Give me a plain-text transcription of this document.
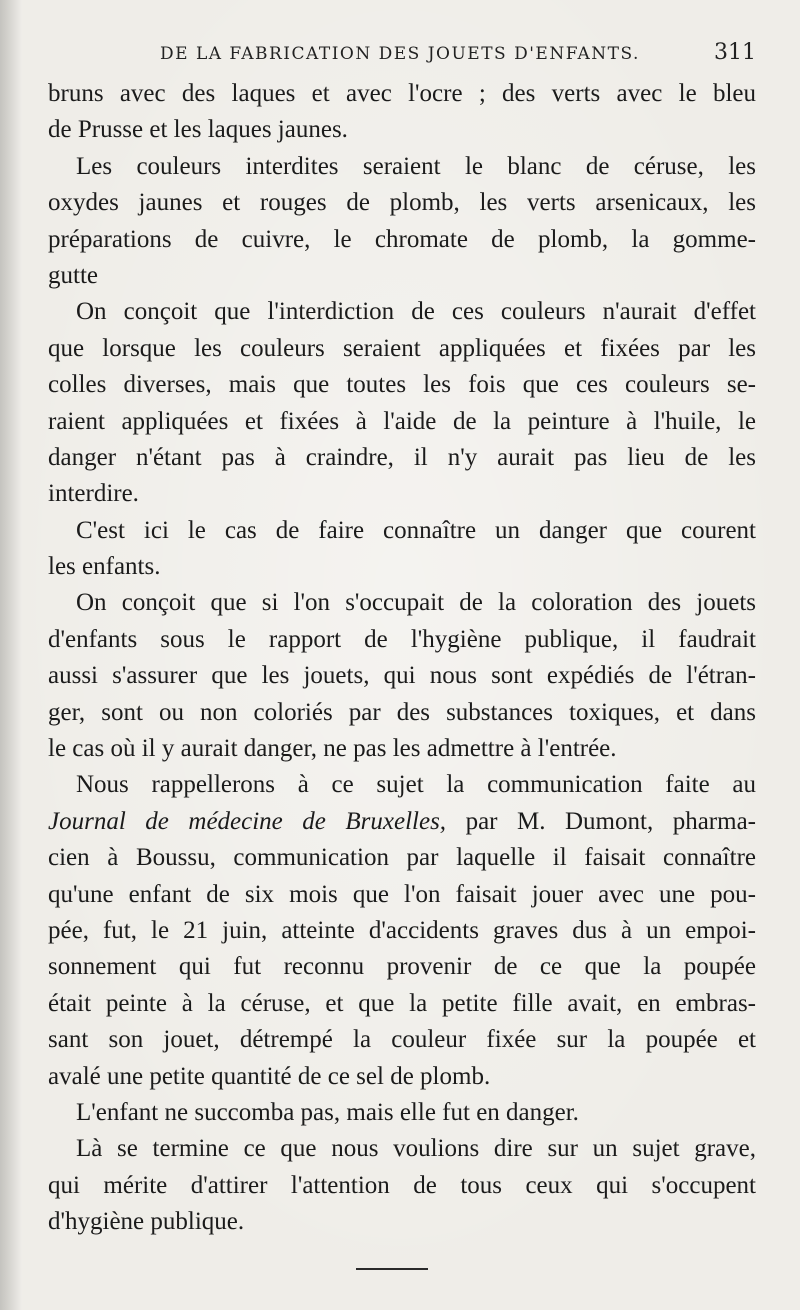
DE LA FABRICATION DES JOUETS D'ENFANTS.	311
bruns avec des laques et avec l'ocre ; des verts avec le bleu
de Prusse et les laques jaunes.
Les couleurs interdites seraient le blanc de céruse, les
oxydes jaunes et rouges de plomb, les verts arsenicaux, les
préparations de cuivre, le chromate de plomb, la gomme-
gutte
On conçoit que l'interdiction de ces couleurs n'aurait d'effet
que lorsque les couleurs seraient appliquées et fixées par les
colles diverses, mais que toutes les fois que ces couleurs se-
raient appliquées et fixées à l'aide de la peinture à l'huile, le
danger n'étant pas à craindre, il n'y aurait pas lieu de les
interdire.
C'est ici le cas de faire connaître un danger que courent
les enfants.
On conçoit que si l'on s'occupait de la coloration des jouets
d'enfants sous le rapport de l'hygiène publique, il faudrait
aussi s'assurer que les jouets, qui nous sont expédiés de l'étran-
ger, sont ou non coloriés par des substances toxiques, et dans
le cas où il y aurait danger, ne pas les admettre à l'entrée.
Nous rappellerons à ce sujet la communication faite au
Journal de médecine de Bruxelles, par M. Dumont, pharma-
cien à Boussu, communication par laquelle il faisait connaître
qu'une enfant de six mois que l'on faisait jouer avec une pou-
pée, fut, le 21 juin, atteinte d'accidents graves dus à un empoi-
sonnement qui fut reconnu provenir de ce que la poupée
était peinte à la céruse, et que la petite fille avait, en embras-
sant son jouet, détrempé la couleur fixée sur la poupée et
avalé une petite quantité de ce sel de plomb.
L'enfant ne succomba pas, mais elle fut en danger.
Là se termine ce que nous voulions dire sur un sujet grave,
qui mérite d'attirer l'attention de tous ceux qui s'occupent
d'hygiène publique.
